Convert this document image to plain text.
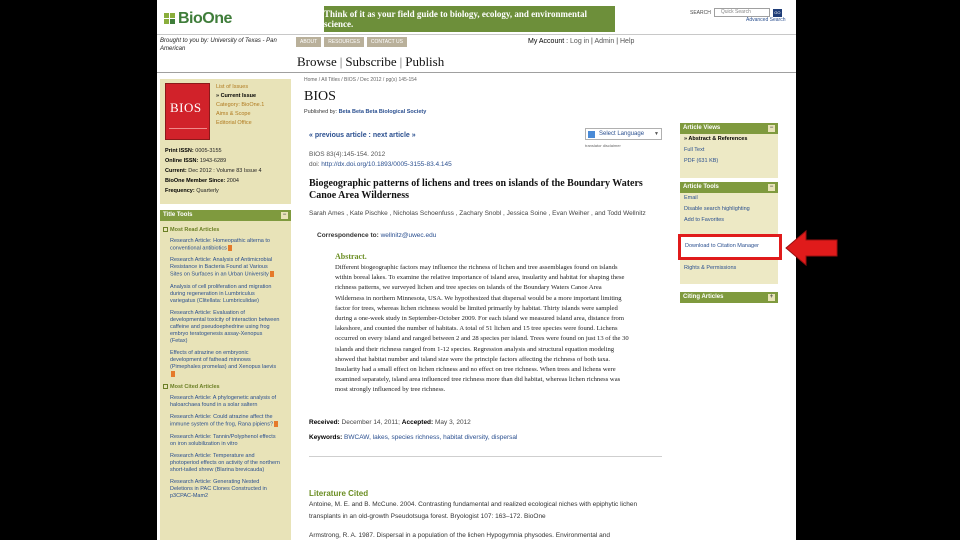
BioOne	Think of it as your field guide to biology, ecology, and environmental science.
SEARCH	Quick Search	GO
Advanced Search
Brought to you by: University of Texas - Pan American
ABOUT	RESOURCES	CONTACT US	My Account : Log in | Admin | Help
Browse | Subscribe | Publish
BIOS
List of Issues
» Current Issue
Category: BioOne.1
Aims & Scope
Editorial Office
Print ISSN: 0005-3155
Online ISSN: 1943-6289
Current: Dec 2012 : Volume 83 Issue 4
BioOne Member Since: 2004
Frequency: Quarterly
Title Tools	−
Most Read Articles
Research Article: Homeopathic alterna to conventional antibiotics
Research Article: Analysis of Antimicrobial Resistance in Bacteria Found at Various Sites on Surfaces in an Urban University
Analysis of cell proliferation and migration during regeneration in Lumbriculus variegatus (Clitellata: Lumbriculidae)
Research Article: Evaluation of developmental toxicity of interaction between caffeine and pseudoephedrine using frog embryo teratogenesis assay-Xenopus (Fetax)
Effects of atrazine on embryonic development of fathead minnows (Pimephales promelas) and Xenopus laevis
Most Cited Articles
Research Article: A phylogenetic analysis of haloarchaea found in a solar saltern
Research Article: Could atrazine affect the immune system of the frog, Rana pipiens?
Research Article: Tannin/Polyphenol effects on iron solubilization in vitro
Research Article: Temperature and photoperiod effects on activity of the northern short-tailed shrew (Blarina brevicauda)
Research Article: Generating Nested Deletions in PAC Clones Constructed in p3CPAC-Mam2
Home / All Titles / BIOS / Dec 2012 / pg(s) 145-154
BIOS
Published by: Beta Beta Beta Biological Society
« previous article : next article »	Select Language ▼
translator disclaimer
BIOS 83(4):145-154. 2012
doi: http://dx.doi.org/10.1893/0005-3155-83.4.145
Biogeographic patterns of lichens and trees on islands of the Boundary Waters Canoe Area Wilderness
Sarah Ames , Kate Pischke , Nicholas Schoenfuss , Zachary Snobl , Jessica Soine , Evan Weiher , and Todd Wellnitz
Correspondence to: wellnitz@uwec.edu
Abstract.
Different biogeographic factors may influence the richness of lichen and tree assemblages found on islands within boreal lakes. To examine the relative importance of island area, insularity and habitat for shaping these richness patterns, we surveyed lichen and tree species on islands of the Boundary Waters Canoe Area Wilderness in northern Minnesota, USA. We hypothesized that dispersal would be a more important limiting factor for trees, whereas lichen richness would be limited primarily by habitat. Thirty islands were sampled during a one-week study in September-October 2009. For each island we measured island area, distance from lakeshore, and counted the number of habitats. A total of 51 lichen and 15 tree species were found. Lichens occurred on every island and ranged between 2 and 28 species per island. Trees were found on just 13 of the 30 islands and their richness ranged from 1-12 species. Regression analysis and structural equation modeling showed that habitat number and island size were the principle factors affecting the richness of both taxa. Insularity had a small effect on lichen richness and no effect on tree richness. When trees and lichens were examined separately, island area influenced tree richness more than did habitat, whereas lichen richness was most strongly influenced by tree richness.
Received: December 14, 2011; Accepted: May 3, 2012
Keywords: BWCAW, lakes, species richness, habitat diversity, dispersal
Literature Cited
Antoine, M. E. and B. McCune. 2004. Contrasting fundamental and realized ecological niches with epiphytic lichen transplants in an old-growth Pseudotsuga forest. Bryologist 107: 163–172. BioOne
Armstrong, R. A. 1987. Dispersal in a population of the lichen Hypogymnia physodes. Environmental and
Article Views	−
» Abstract & References
Full Text
PDF (631 KB)
Article Tools	−
Email
Disable search highlighting
Add to Favorites
Rights & Permissions
Download to Citation Manager
Citing Articles	+
